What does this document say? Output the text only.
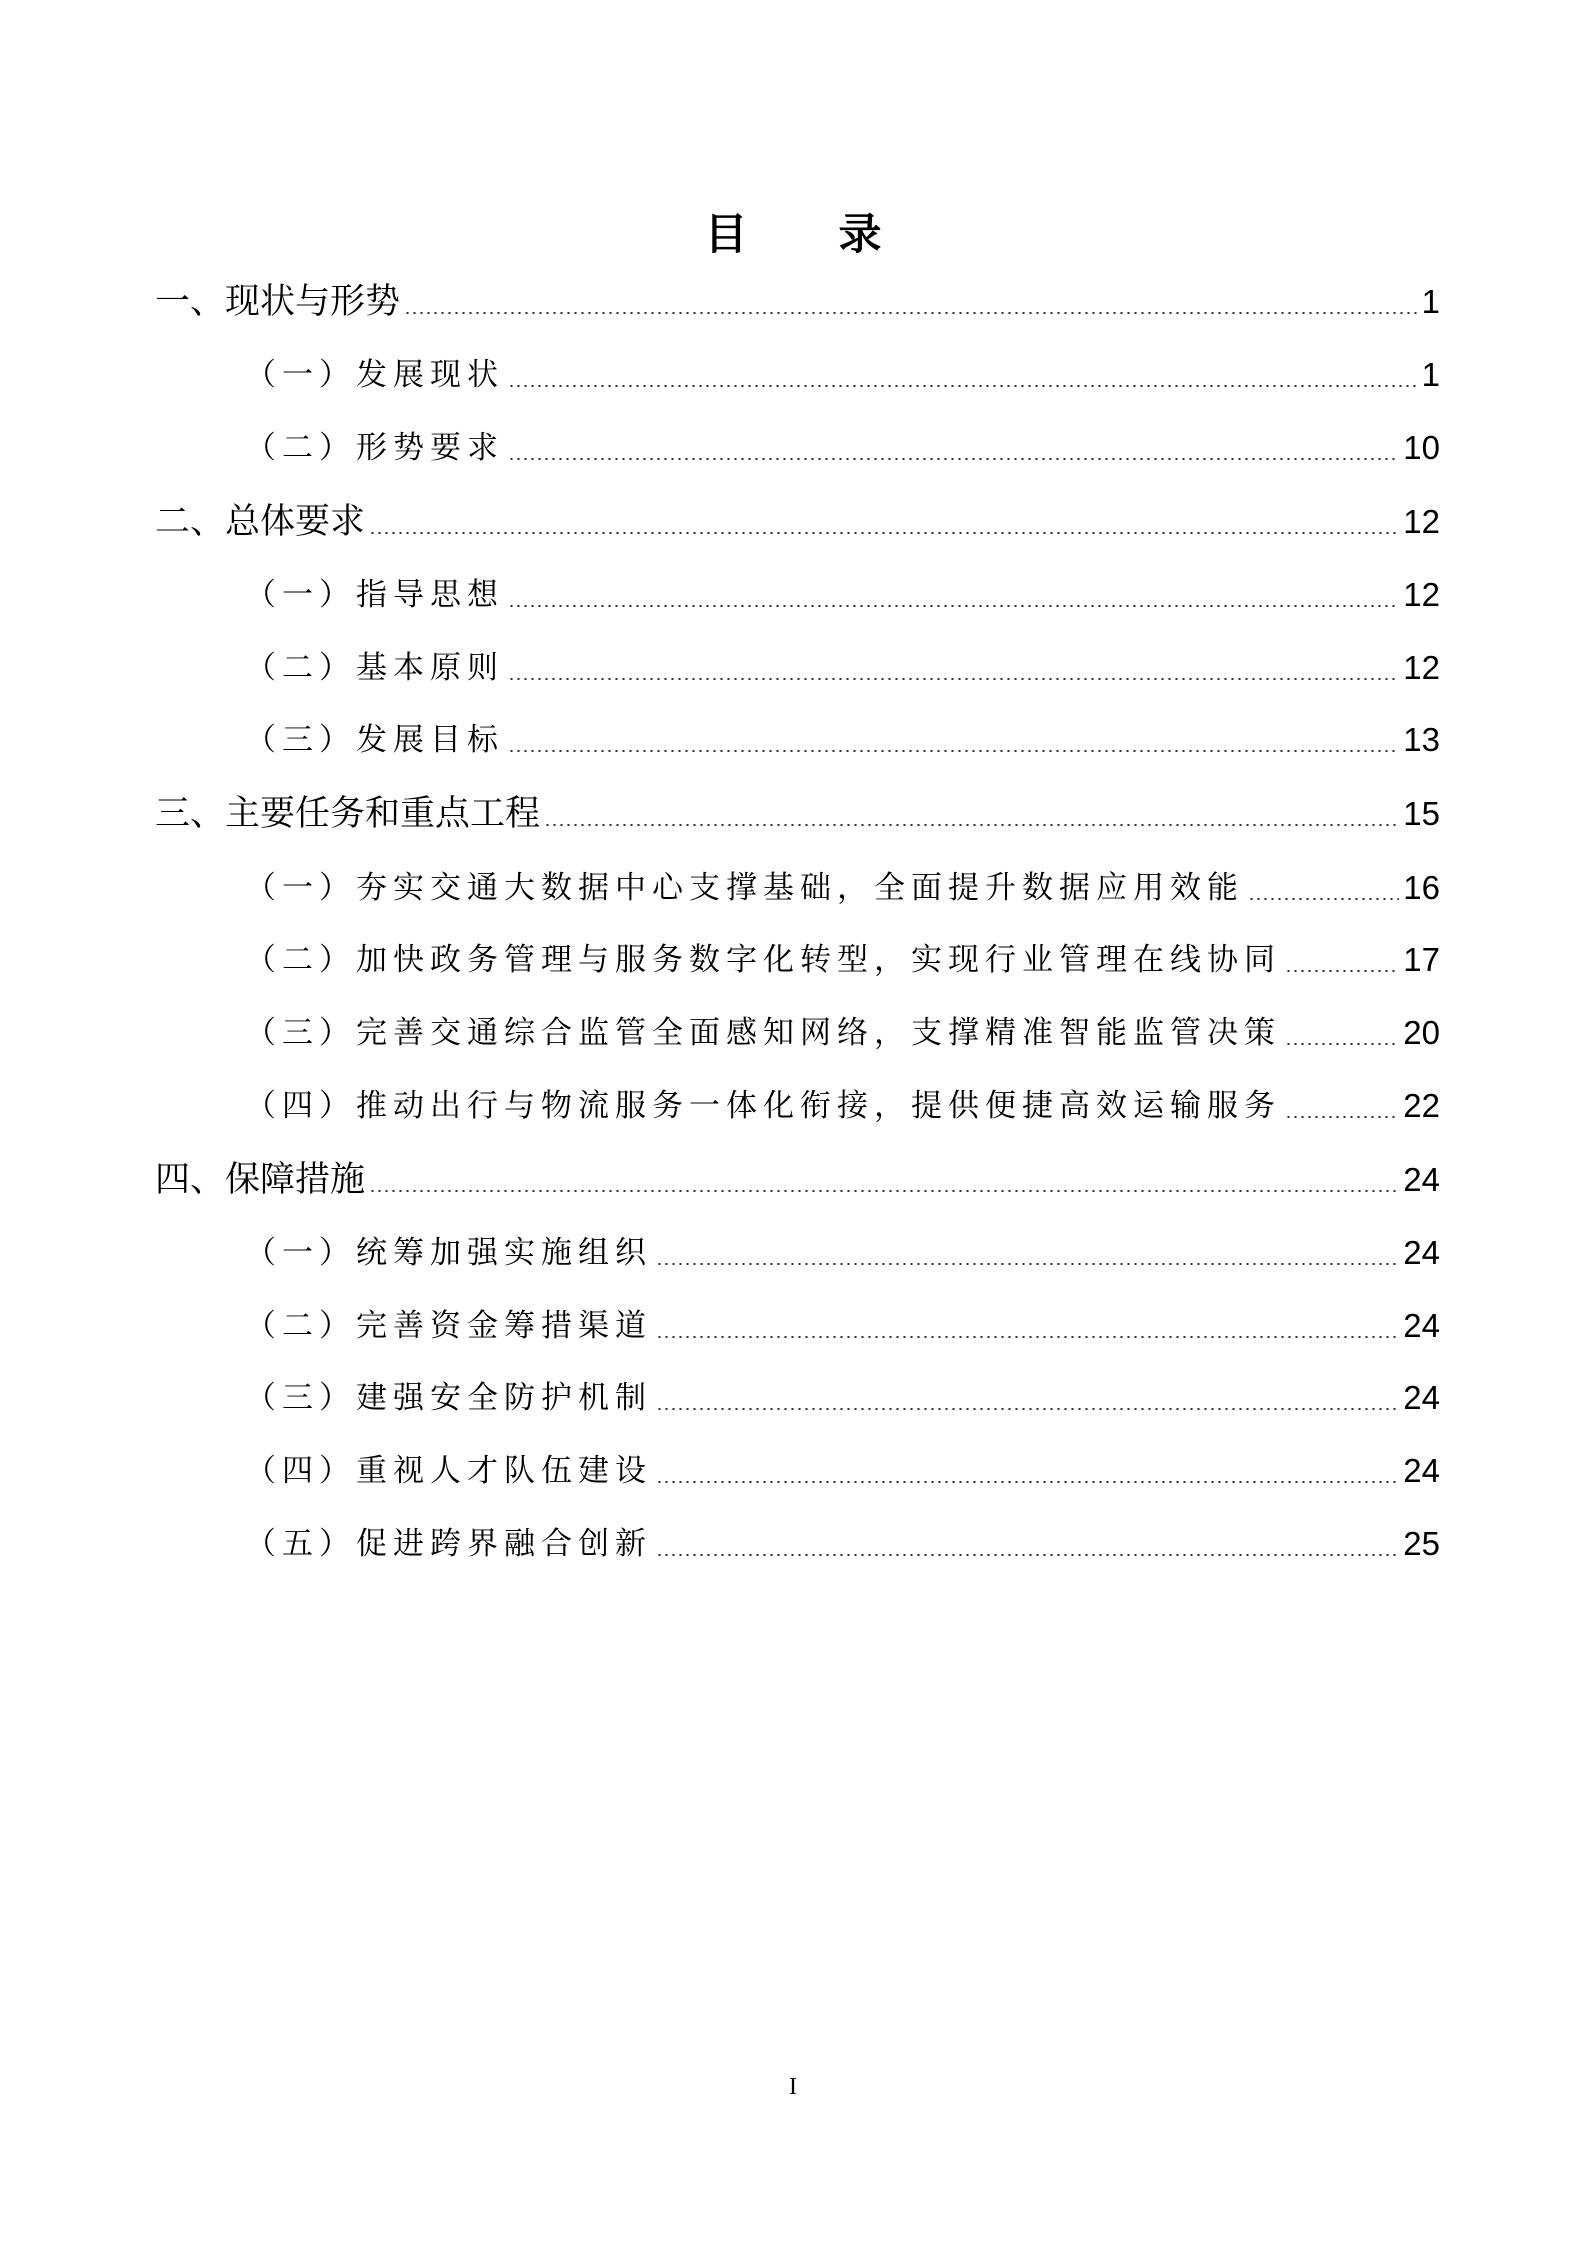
目 录
一、现状与形势	1
（一）发展现状	1
（二）形势要求	10
二、总体要求	12
（一）指导思想	12
（二）基本原则	12
（三）发展目标	13
三、主要任务和重点工程	15
（一）夯实交通大数据中心支撑基础，全面提升数据应用效能	16
（二）加快政务管理与服务数字化转型，实现行业管理在线协同	17
（三）完善交通综合监管全面感知网络，支撑精准智能监管决策	20
（四）推动出行与物流服务一体化衔接，提供便捷高效运输服务	22
四、保障措施	24
（一）统筹加强实施组织	24
（二）完善资金筹措渠道	24
（三）建强安全防护机制	24
（四）重视人才队伍建设	24
（五）促进跨界融合创新	25
I
